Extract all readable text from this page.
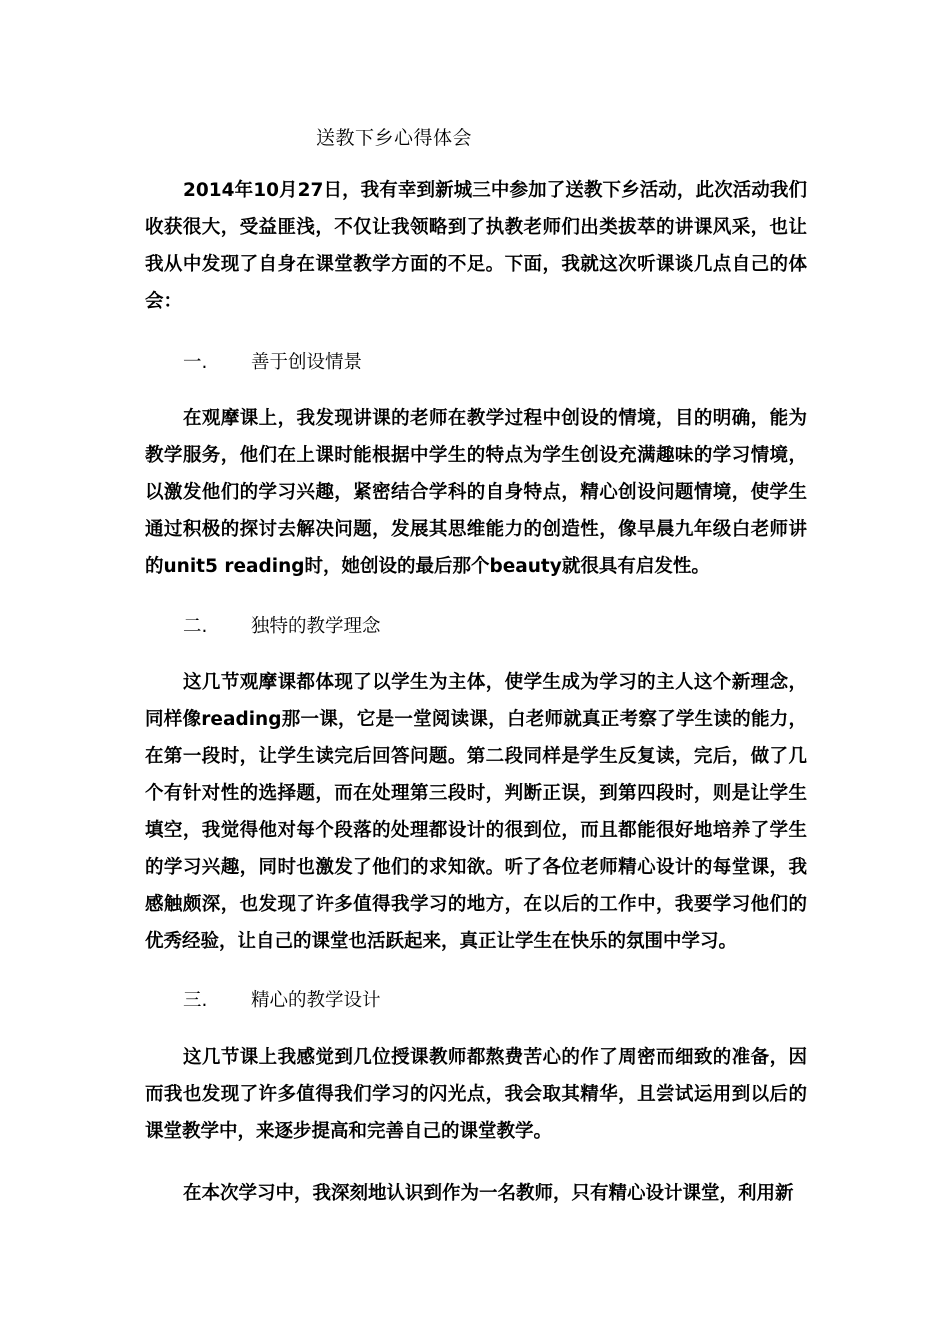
送教下乡心得体会
2014年10月27日，我有幸到新城三中参加了送教下乡活动，此次活动我们收获很大，受益匪浅，不仅让我领略到了执教老师们出类拔萃的讲课风采，也让我从中发现了自身在课堂教学方面的不足。下面，我就这次听课谈几点自己的体会：
一. 善于创设情景
在观摩课上，我发现讲课的老师在教学过程中创设的情境，目的明确，能为教学服务，他们在上课时能根据中学生的特点为学生创设充满趣味的学习情境，以激发他们的学习兴趣，紧密结合学科的自身特点，精心创设问题情境，使学生通过积极的探讨去解决问题，发展其思维能力的创造性，像早晨九年级白老师讲的unit5 reading时，她创设的最后那个beauty就很具有启发性。
二. 独特的教学理念
这几节观摩课都体现了以学生为主体，使学生成为学习的主人这个新理念，同样像reading那一课，它是一堂阅读课，白老师就真正考察了学生读的能力，在第一段时，让学生读完后回答问题。第二段同样是学生反复读，完后，做了几个有针对性的选择题，而在处理第三段时，判断正误，到第四段时，则是让学生填空，我觉得他对每个段落的处理都设计的很到位，而且都能很好地培养了学生的学习兴趣，同时也激发了他们的求知欲。听了各位老师精心设计的每堂课，我感触颇深，也发现了许多值得我学习的地方，在以后的工作中，我要学习他们的优秀经验，让自己的课堂也活跃起来，真正让学生在快乐的氛围中学习。
三. 精心的教学设计
这几节课上我感觉到几位授课教师都熬费苦心的作了周密而细致的准备，因而我也发现了许多值得我们学习的闪光点，我会取其精华，且尝试运用到以后的课堂教学中，来逐步提高和完善自己的课堂教学。
在本次学习中，我深刻地认识到作为一名教师，只有精心设计课堂，利用新
